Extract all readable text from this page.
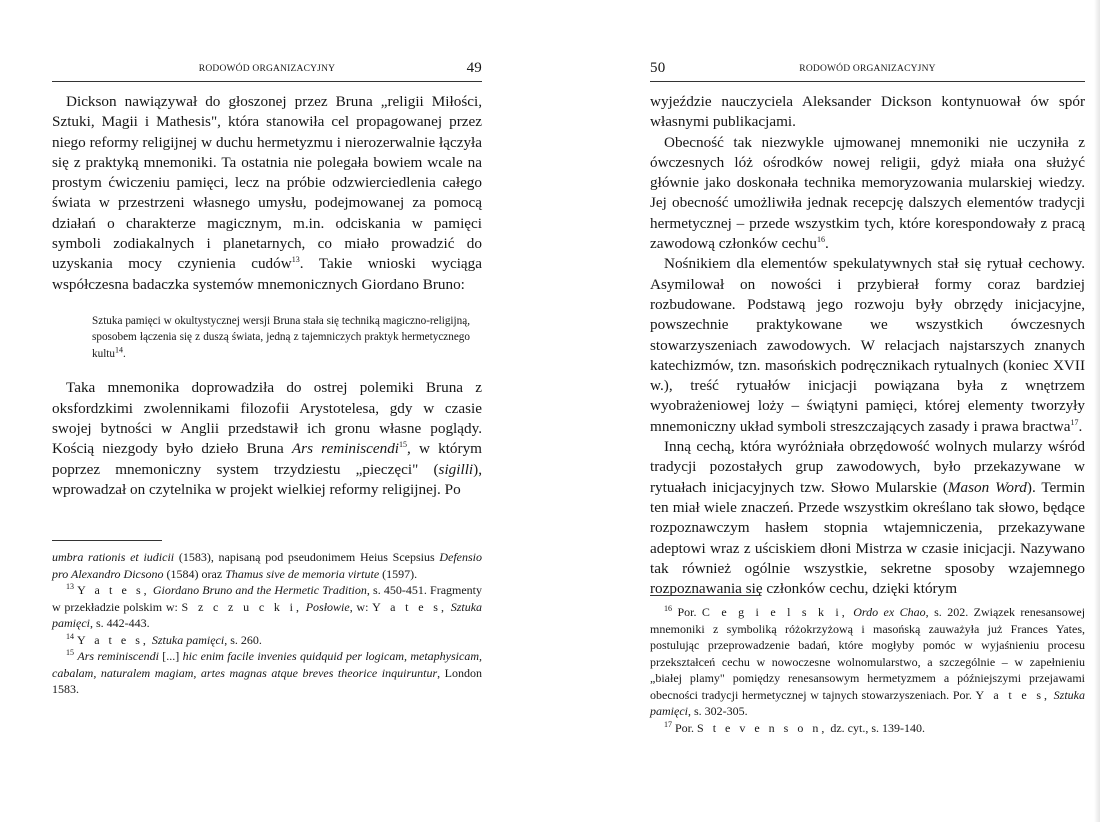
RODOWÓD ORGANIZACYJNY	49

Dickson nawiązywał do głoszonej przez Bruna „religii Miłości, Sztuki, Magii i Mathesis", która stanowiła cel propagowanej przez niego reformy religijnej w duchu hermetyzmu i nierozerwalnie łączyła się z praktyką mnemoniki. Ta ostatnia nie polegała bowiem wcale na prostym ćwiczeniu pamięci, lecz na próbie odzwierciedlenia całego świata w przestrzeni własnego umysłu, podejmowanej za pomocą działań o charakterze magicznym, m.in. odciskania w pamięci symboli zodiakalnych i planetarnych, co miało prowadzić do uzyskania mocy czynienia cudów$^{13}$. Takie wnioski wyciąga współczesna badaczka systemów mnemonicznych Giordano Bruno:

Sztuka pamięci w okultystycznej wersji Bruna stała się techniką magiczno-religijną, sposobem łączenia się z duszą świata, jedną z tajemniczych praktyk hermetycznego kultu$^{14}$.

Taka mnemonika doprowadziła do ostrej polemiki Bruna z oksfordzkimi zwolennikami filozofii Arystotelesa, gdy w czasie swojej bytności w Anglii przedstawił ich gronu własne poglądy. Kością niezgody było dzieło Bruna Ars reminiscendi$^{15}$, w którym poprzez mnemoniczny system trzydziestu „pieczęci" (sigilli), wprowadzał on czytelnika w projekt wielkiej reformy religijnej. Po

umbra rationis et iudicii (1583), napisaną pod pseudonimem Heius Scepsius Defensio pro Alexandro Dicsono (1584) oraz Thamus sive de memoria virtute (1597).

$^{13}$ Y a t e s, Giordano Bruno and the Hermetic Tradition, s. 450-451. Fragmenty w przekładzie polskim w: S z c z u c k i, Posłowie, w: Y a t e s, Sztuka pamięci, s. 442-443.

$^{14}$ Y a t e s, Sztuka pamięci, s. 260.

$^{15}$ Ars reminiscendi [...] hic enim facile invenies quidquid per logicam, metaphysicam, cabalam, naturalem magiam, artes magnas atque breves theorice inquiruntur, London 1583.

50	RODOWÓD ORGANIZACYJNY

wyjeździe nauczyciela Aleksander Dickson kontynuował ów spór własnymi publikacjami.

Obecność tak niezwykle ujmowanej mnemoniki nie uczyniła z ówczesnych lóż ośrodków nowej religii, gdyż miała ona służyć głównie jako doskonała technika memoryzowania mularskiej wiedzy. Jej obecność umożliwiła jednak recepcję dalszych elementów tradycji hermetycznej – przede wszystkim tych, które korespondowały z pracą zawodową członków cechu$^{16}$.

Nośnikiem dla elementów spekulatywnych stał się rytuał cechowy. Asymilował on nowości i przybierał formy coraz bardziej rozbudowane. Podstawą jego rozwoju były obrzędy inicjacyjne, powszechnie praktykowane we wszystkich ówczesnych stowarzyszeniach zawodowych. W relacjach najstarszych znanych katechizmów, tzn. masońskich podręcznikach rytualnych (koniec XVII w.), treść rytuałów inicjacji powiązana była z wnętrzem wyobrażeniowej loży – świątyni pamięci, której elementy tworzyły mnemoniczny układ symboli streszczających zasady i prawa bractwa$^{17}$.

Inną cechą, która wyróżniała obrzędowość wolnych mularzy wśród tradycji pozostałych grup zawodowych, było przekazywane w rytuałach inicjacyjnych tzw. Słowo Mularskie (Mason Word). Termin ten miał wiele znaczeń. Przede wszystkim określano tak słowo, będące rozpoznawczym hasłem stopnia wtajemniczenia, przekazywane adeptowi wraz z uściskiem dłoni Mistrza w czasie inicjacji. Nazywano tak również ogólnie wszystkie, sekretne sposoby wzajemnego rozpoznawania się członków cechu, dzięki którym

$^{16}$ Por. C e g i e l s k i, Ordo ex Chao, s. 202. Związek renesansowej mnemoniki z symboliką różokrzyżową i masońską zauważyła już Frances Yates, postulując przeprowadzenie badań, które mogłyby pomóc w wyjaśnieniu procesu przekształceń cechu w nowoczesne wolnomularstwo, a szczególnie – w zapełnieniu „białej plamy" pomiędzy renesansowym hermetyzmem a późniejszymi przejawami obecności tradycji hermetycznej w tajnych stowarzyszeniach. Por. Y a t e s, Sztuka pamięci, s. 302-305.

$^{17}$ Por. S t e v e n s o n, dz. cyt., s. 139-140.
